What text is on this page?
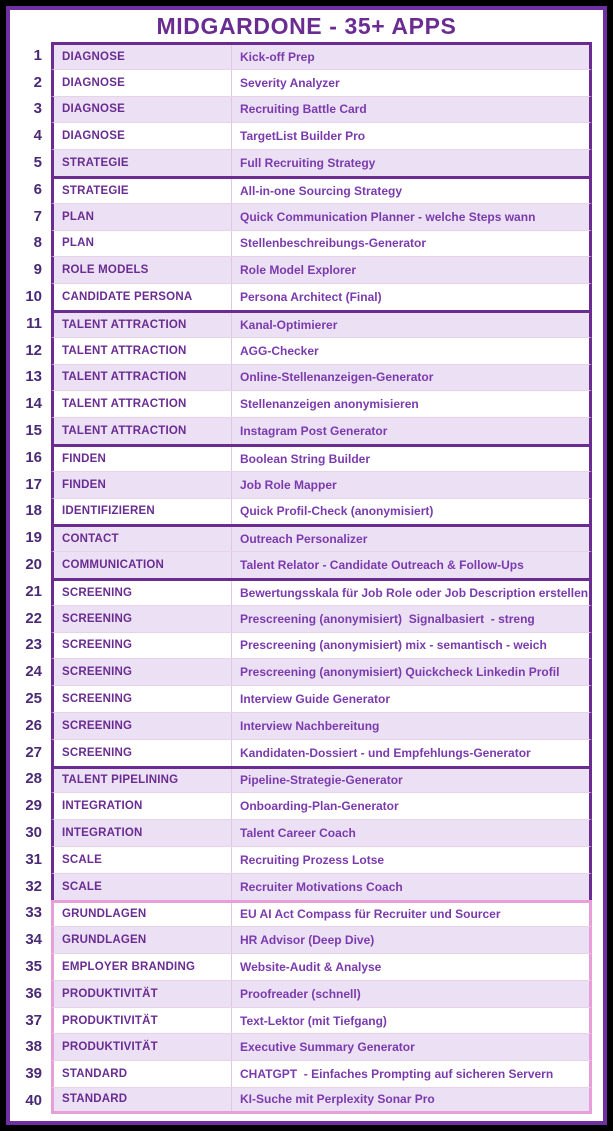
MIDGARDONE - 35+ APPS
1	DIAGNOSE	Kick-off Prep
2	DIAGNOSE	Severity Analyzer
3	DIAGNOSE	Recruiting Battle Card
4	DIAGNOSE	TargetList Builder Pro
5	STRATEGIE	Full Recruiting Strategy
6	STRATEGIE	All-in-one Sourcing Strategy
7	PLAN	Quick Communication Planner - welche Steps wann
8	PLAN	Stellenbeschreibungs-Generator
9	ROLE MODELS	Role Model Explorer
10	CANDIDATE PERSONA	Persona Architect (Final)
11	TALENT ATTRACTION	Kanal-Optimierer
12	TALENT ATTRACTION	AGG-Checker
13	TALENT ATTRACTION	Online-Stellenanzeigen-Generator
14	TALENT ATTRACTION	Stellenanzeigen anonymisieren
15	TALENT ATTRACTION	Instagram Post Generator
16	FINDEN	Boolean String Builder
17	FINDEN	Job Role Mapper
18	IDENTIFIZIEREN	Quick Profil-Check (anonymisiert)
19	CONTACT	Outreach Personalizer
20	COMMUNICATION	Talent Relator - Candidate Outreach & Follow-Ups
21	SCREENING	Bewertungsskala für Job Role oder Job Description erstellen
22	SCREENING	Prescreening (anonymisiert)  Signalbasiert  - streng
23	SCREENING	Prescreening (anonymisiert) mix - semantisch - weich
24	SCREENING	Prescreening (anonymisiert) Quickcheck Linkedin Profil
25	SCREENING	Interview Guide Generator
26	SCREENING	Interview Nachbereitung
27	SCREENING	Kandidaten-Dossiert - und Empfehlungs-Generator
28	TALENT PIPELINING	Pipeline-Strategie-Generator
29	INTEGRATION	Onboarding-Plan-Generator
30	INTEGRATION	Talent Career Coach
31	SCALE	Recruiting Prozess Lotse
32	SCALE	Recruiter Motivations Coach
33	GRUNDLAGEN	EU AI Act Compass für Recruiter und Sourcer
34	GRUNDLAGEN	HR Advisor (Deep Dive)
35	EMPLOYER BRANDING	Website-Audit & Analyse
36	PRODUKTIVITÄT	Proofreader (schnell)
37	PRODUKTIVITÄT	Text-Lektor (mit Tiefgang)
38	PRODUKTIVITÄT	Executive Summary Generator
39	STANDARD	CHATGPT  - Einfaches Prompting auf sicheren Servern
40	STANDARD	KI-Suche mit Perplexity Sonar Pro
